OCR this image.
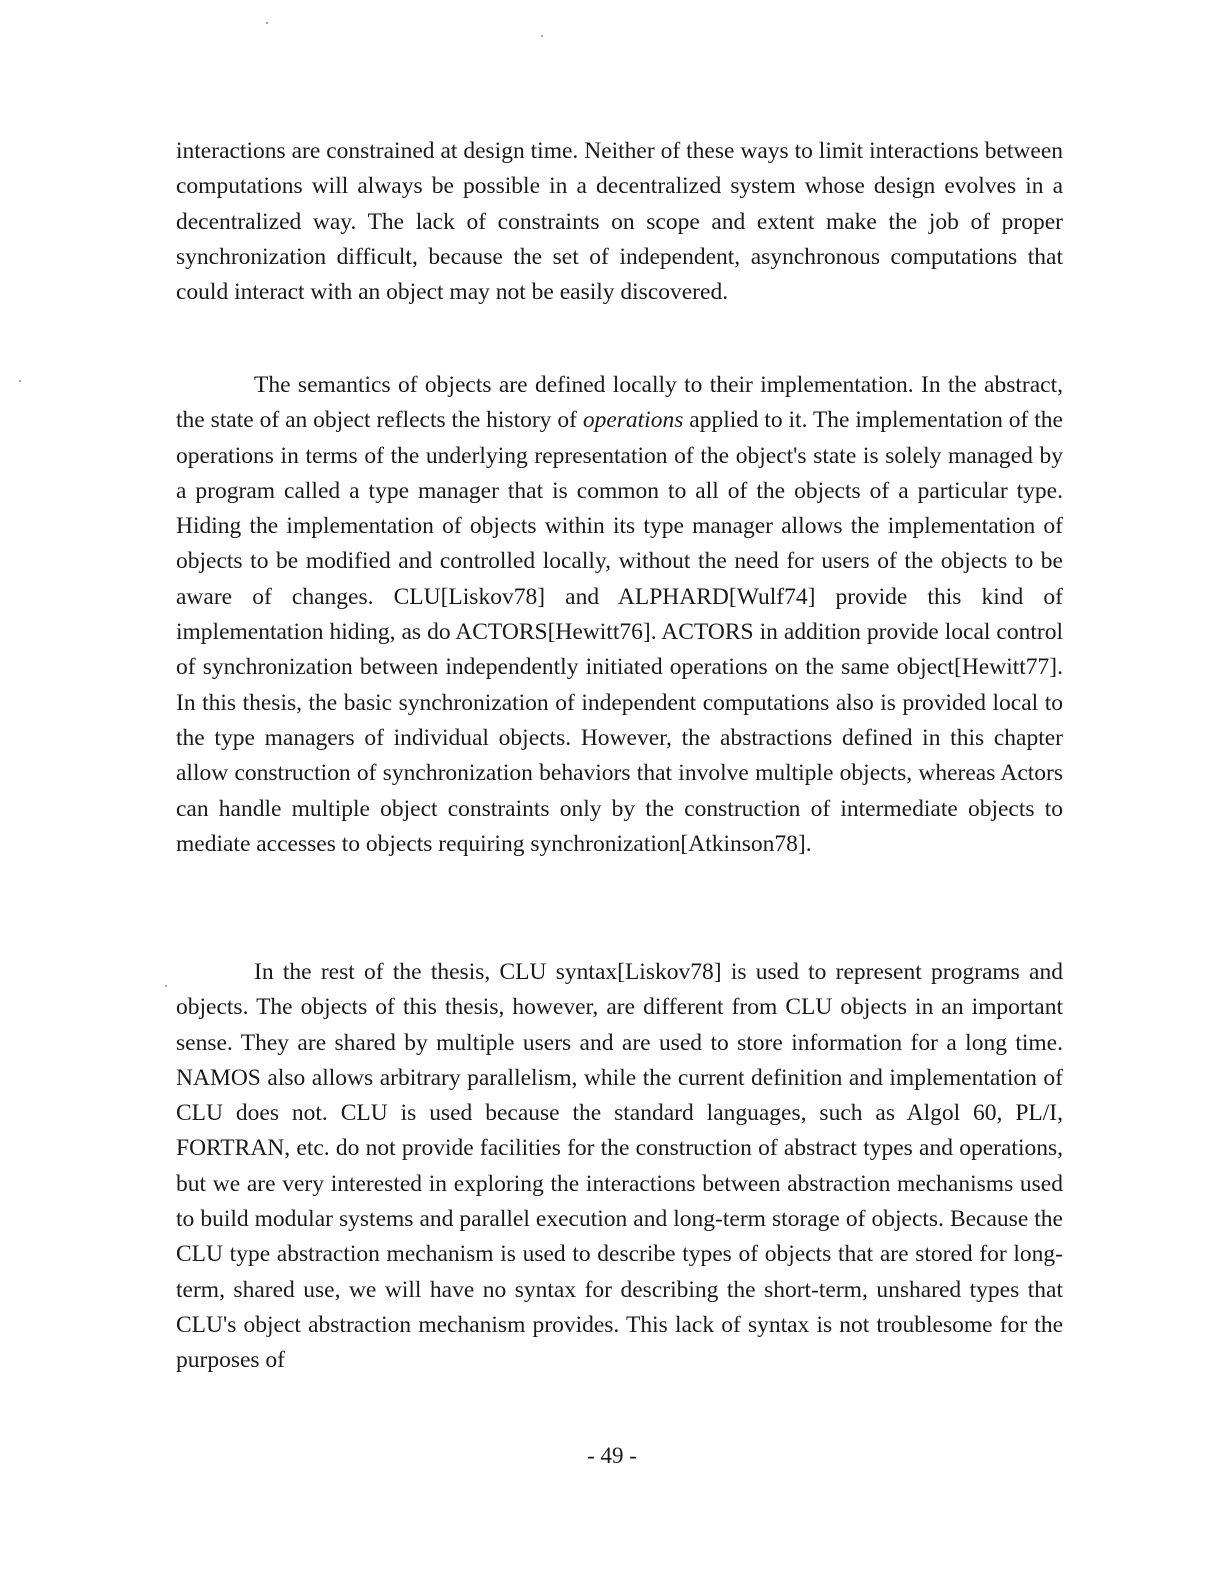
interactions are constrained at design time. Neither of these ways to limit interactions between computations will always be possible in a decentralized system whose design evolves in a decentralized way. The lack of constraints on scope and extent make the job of proper synchronization difficult, because the set of independent, asynchronous computations that could interact with an object may not be easily discovered.

The semantics of objects are defined locally to their implementation. In the abstract, the state of an object reflects the history of operations applied to it. The implementation of the operations in terms of the underlying representation of the object's state is solely managed by a program called a type manager that is common to all of the objects of a particular type. Hiding the implementation of objects within its type manager allows the implementation of objects to be modified and controlled locally, without the need for users of the objects to be aware of changes. CLU[Liskov78] and ALPHARD[Wulf74] provide this kind of implementation hiding, as do ACTORS[Hewitt76]. ACTORS in addition provide local control of synchronization between independently initiated operations on the same object[Hewitt77]. In this thesis, the basic synchronization of independent computations also is provided local to the type managers of individual objects. However, the abstractions defined in this chapter allow construction of synchronization behaviors that involve multiple objects, whereas Actors can handle multiple object constraints only by the construction of intermediate objects to mediate accesses to objects requiring synchronization[Atkinson78].

In the rest of the thesis, CLU syntax[Liskov78] is used to represent programs and objects. The objects of this thesis, however, are different from CLU objects in an important sense. They are shared by multiple users and are used to store information for a long time. NAMOS also allows arbitrary parallelism, while the current definition and implementation of CLU does not. CLU is used because the standard languages, such as Algol 60, PL/I, FORTRAN, etc. do not provide facilities for the construction of abstract types and operations, but we are very interested in exploring the interactions between abstraction mechanisms used to build modular systems and parallel execution and long-term storage of objects. Because the CLU type abstraction mechanism is used to describe types of objects that are stored for long-term, shared use, we will have no syntax for describing the short-term, unshared types that CLU's object abstraction mechanism provides. This lack of syntax is not troublesome for the purposes of

- 49 -
